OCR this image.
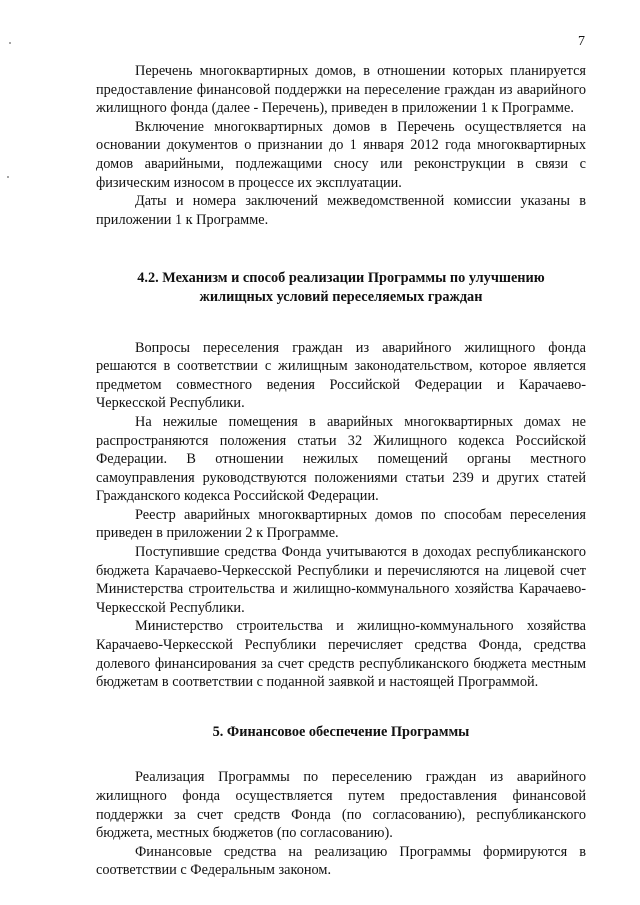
7

Перечень многоквартирных домов, в отношении которых планируется предоставление финансовой поддержки на переселение граждан из аварийного жилищного фонда (далее - Перечень), приведен в приложении 1 к Программе.

Включение многоквартирных домов в Перечень осуществляется на основании документов о признании до 1 января 2012 года многоквартирных домов аварийными, подлежащими сносу или реконструкции в связи с физическим износом в процессе их эксплуатации.

Даты и номера заключений межведомственной комиссии указаны в приложении 1 к Программе.

4.2. Механизм и способ реализации Программы по улучшению
жилищных условий переселяемых граждан

Вопросы переселения граждан из аварийного жилищного фонда решаются в соответствии с жилищным законодательством, которое является предметом совместного ведения Российской Федерации и Карачаево-Черкесской Республики.

На нежилые помещения в аварийных многоквартирных домах не распространяются положения статьи 32 Жилищного кодекса Российской Федерации. В отношении нежилых помещений органы местного самоуправления руководствуются положениями статьи 239 и других статей Гражданского кодекса Российской Федерации.

Реестр аварийных многоквартирных домов по способам переселения приведен в приложении 2 к Программе.

Поступившие средства Фонда учитываются в доходах республиканского бюджета Карачаево-Черкесской Республики и перечисляются на лицевой счет Министерства строительства и жилищно-коммунального хозяйства Карачаево-Черкесской Республики.

Министерство строительства и жилищно-коммунального хозяйства Карачаево-Черкесской Республики перечисляет средства Фонда, средства долевого финансирования за счет средств республиканского бюджета местным бюджетам в соответствии с поданной заявкой и настоящей Программой.

5. Финансовое обеспечение Программы

Реализация Программы по переселению граждан из аварийного жилищного фонда осуществляется путем предоставления финансовой поддержки за счет средств Фонда (по согласованию), республиканского бюджета, местных бюджетов (по согласованию).

Финансовые средства на реализацию Программы формируются в соответствии с Федеральным законом.
